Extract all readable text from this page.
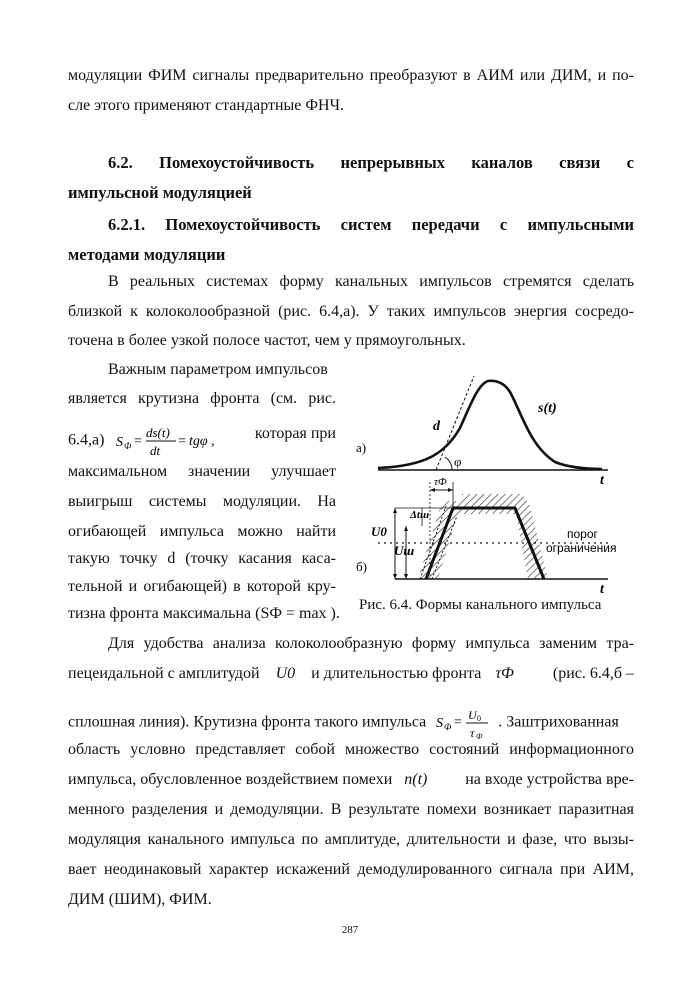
модуляции ФИМ сигналы предварительно преобразуют в АИМ или ДИМ, и по-
сле этого применяют стандартные ФНЧ.
6.2. Помехоустойчивость непрерывных каналов связи с
импульсной модуляцией
6.2.1. Помехоустойчивость систем передачи с импульсными
методами модуляции
В реальных системах форму канальных импульсов стремятся сделать
близкой к колоколообразной (рис. 6.4,а). У таких импульсов энергия сосредо-
точена в более узкой полосе частот, чем у прямоугольных.
Важным параметром импульсов
является крутизна фронта (см. рис.
6.4,а) S Ф =
ds(t)
dt
= tgφ , которая при
максимальном значении улучшает
выигрыш системы модуляции. На
огибающей импульса можно найти
такую точку d (точку касания каса-
тельной и огибающей) в которой кру-
тизна фронта максимальна (SФ = max ).
а)
d
s(t)
φ
t
τФ
Δtш
U0
Uш
б)
порог
ограничения
t
Рис. 6.4. Формы канального импульса
Для удобства анализа колоколообразную форму импульса заменим тра-
пецеидальной с амплитудой U0 и длительностью фронта τФ (рис. 6.4,б –
сплошная линия). Крутизна фронта такого импульса S Ф = U 0
τ Ф
. Заштрихованная
область условно представляет собой множество состояний информационного
импульса, обусловленное воздействием помехи n(t) на входе устройства вре-
менного разделения и демодуляции. В результате помехи возникает паразитная
модуляция канального импульса по амплитуде, длительности и фазе, что вызы-
вает неодинаковый характер искажений демодулированного сигнала при АИМ,
ДИМ (ШИМ), ФИМ.
287
